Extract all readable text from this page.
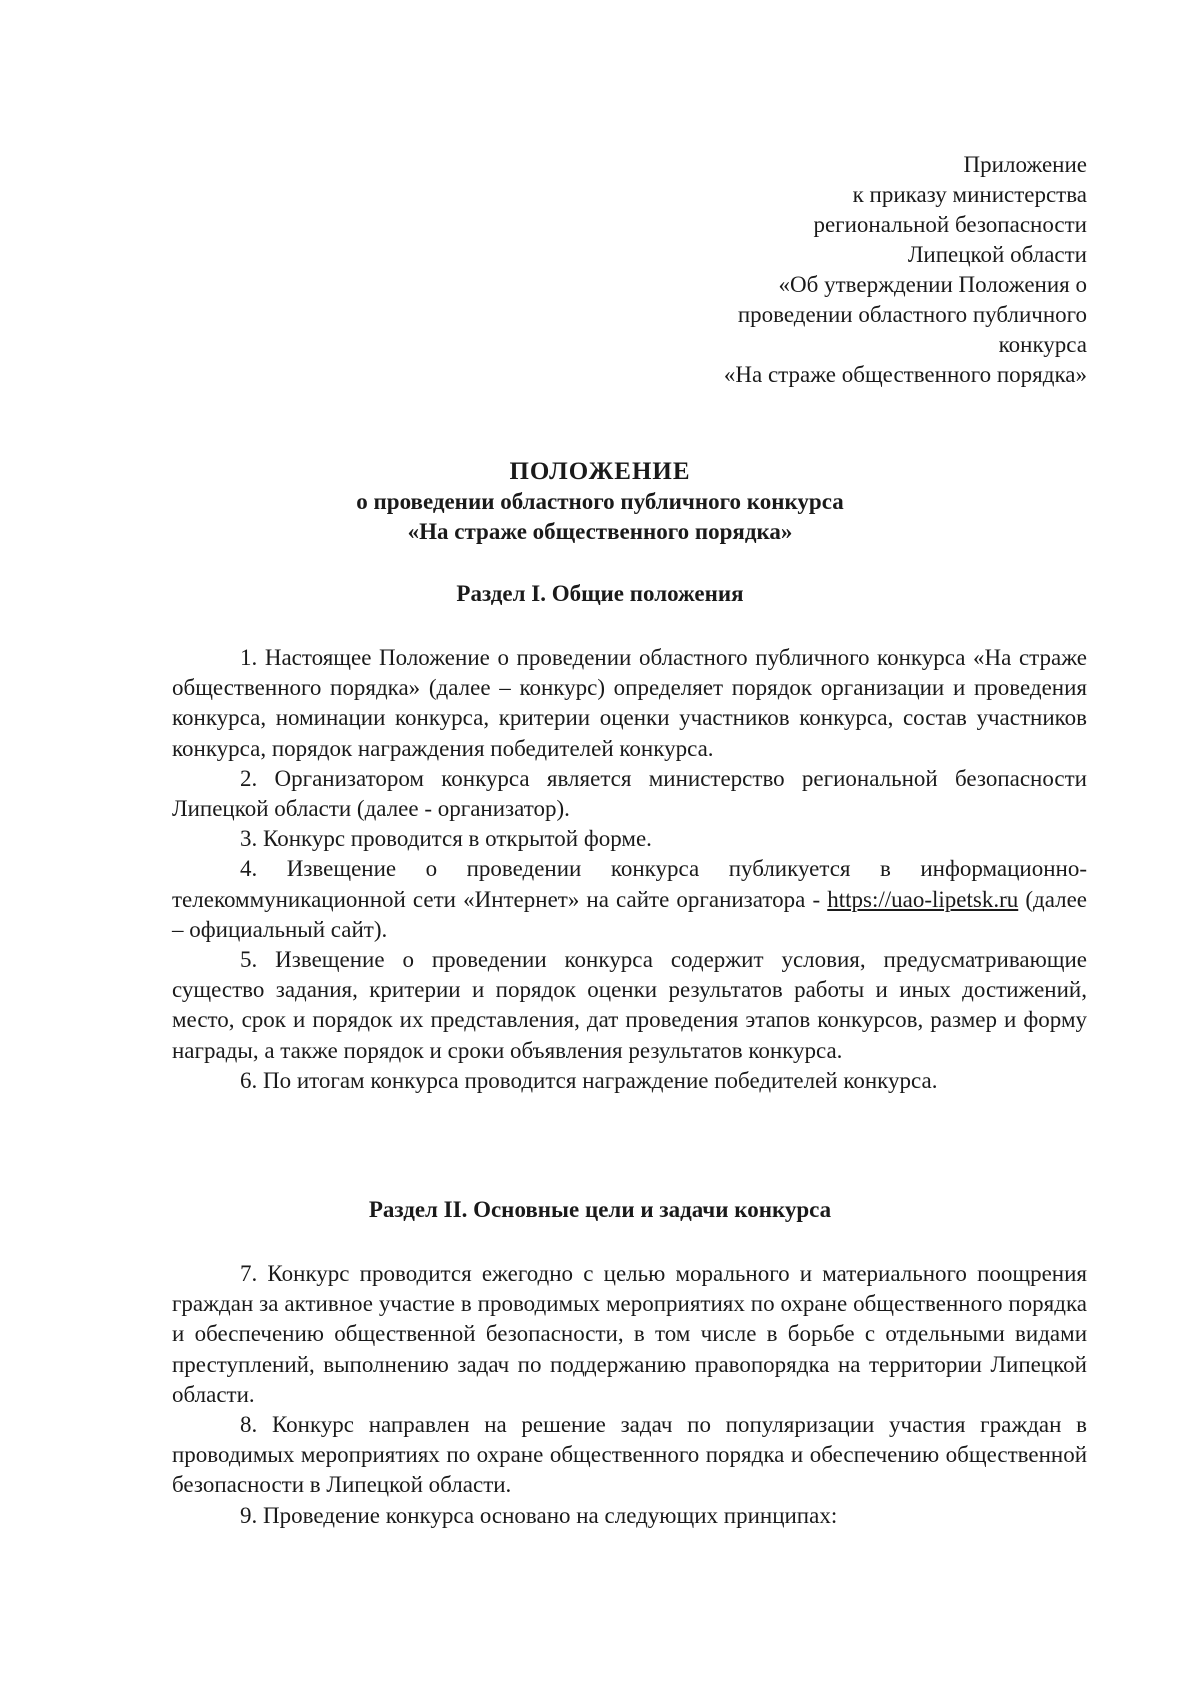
Приложение
к приказу министерства
региональной безопасности
Липецкой области
«Об утверждении Положения о
проведении областного публичного
конкурса
«На страже общественного порядка»
ПОЛОЖЕНИЕ
о проведении областного публичного конкурса
«На страже общественного порядка»
Раздел I. Общие положения

1. Настоящее Положение о проведении областного публичного конкурса «На страже общественного порядка» (далее – конкурс) определяет порядок организации и проведения конкурса, номинации конкурса, критерии оценки участников конкурса, состав участников конкурса, порядок награждения победителей конкурса.

2. Организатором конкурса является министерство региональной безопасности Липецкой области (далее - организатор).

3. Конкурс проводится в открытой форме.

4. Извещение о проведении конкурса публикуется в информационно-телекоммуникационной сети «Интернет» на сайте организатора - https://uao-lipetsk.ru (далее – официальный сайт).

5. Извещение о проведении конкурса содержит условия, предусматривающие существо задания, критерии и порядок оценки результатов работы и иных достижений, место, срок и порядок их представления, дат проведения этапов конкурсов, размер и форму награды, а также порядок и сроки объявления результатов конкурса.

6. По итогам конкурса проводится награждение победителей конкурса.

Раздел II. Основные цели и задачи конкурса

7. Конкурс проводится ежегодно с целью морального и материального поощрения граждан за активное участие в проводимых мероприятиях по охране общественного порядка и обеспечению общественной безопасности, в том числе в борьбе с отдельными видами преступлений, выполнению задач по поддержанию правопорядка на территории Липецкой области.

8. Конкурс направлен на решение задач по популяризации участия граждан в проводимых мероприятиях по охране общественного порядка и обеспечению общественной безопасности в Липецкой области.

9. Проведение конкурса основано на следующих принципах:
